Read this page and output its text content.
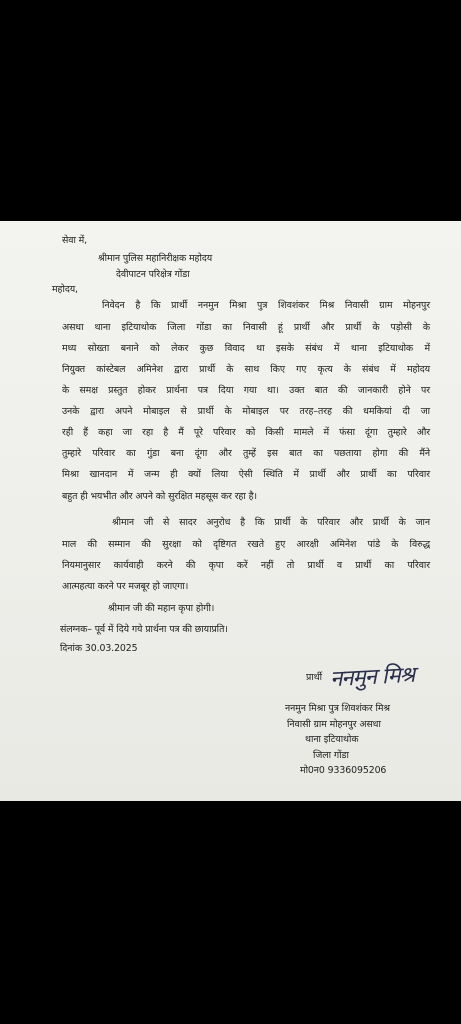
सेवा में,
श्रीमान पुलिस महानिरीक्षक महोदय
देवीपाटन परिक्षेत्र गोंडा
महोदय,
निवेदन है कि प्रार्थी ननमुन मिश्रा पुत्र शिवशंकर मिश्र निवासी ग्राम मोहनपुर
असधा थाना इटियाथोक जिला गोंडा का निवासी हूं प्रार्थी और प्रार्थी के पड़ोसी के
मध्य सोख्ता बनाने को लेकर कुछ विवाद था इसके संबंध में थाना इटियाथोक में
नियुक्त कांस्टेबल अमिनेश द्वारा प्रार्थी के साथ किए गए कृत्य के संबंध में महोदय
के समक्ष प्रस्तुत होकर प्रार्थना पत्र दिया गया था। उक्त बात की जानकारी होने पर
उनके द्वारा अपने मोबाइल से प्रार्थी के मोबाइल पर तरह–तरह की धमकियां दी जा
रही हैं कहा जा रहा है मैं पूरे परिवार को किसी मामले में फंसा दूंगा तुम्हारे और
तुम्हारे परिवार का गुंडा बना दूंगा और तुम्हें इस बात का पछताया होगा की मैंने
मिश्रा खानदान में जन्म ही क्यों लिया ऐसी स्थिति में प्रार्थी और प्रार्थी का परिवार
बहुत ही भयभीत और अपने को सुरक्षित महसूस कर रहा है।
श्रीमान जी से सादर अनुरोध है कि प्रार्थी के परिवार और प्रार्थी के जान
माल की सम्मान की सुरक्षा को दृष्टिगत रखते हुए आरक्षी अमिनेश पांडे के विरुद्ध
नियमानुसार कार्यवाही करने की कृपा करें नहीं तो प्रार्थी व प्रार्थी का परिवार
आत्महत्या करने पर मजबूर हो जाएगा।
श्रीमान जी की महान कृपा होगी।
संलग्नक– पूर्व में दिये गये प्रार्थना पत्र की छायाप्रति।
दिनांक 30.03.2025
प्रार्थी ननमुन मिश्र
ननमुन मिश्रा पुत्र शिवशंकर मिश्र
निवासी ग्राम मोहनपुर असधा
थाना इटियाथोक
जिला गोंडा
मो0न0 9336095206
